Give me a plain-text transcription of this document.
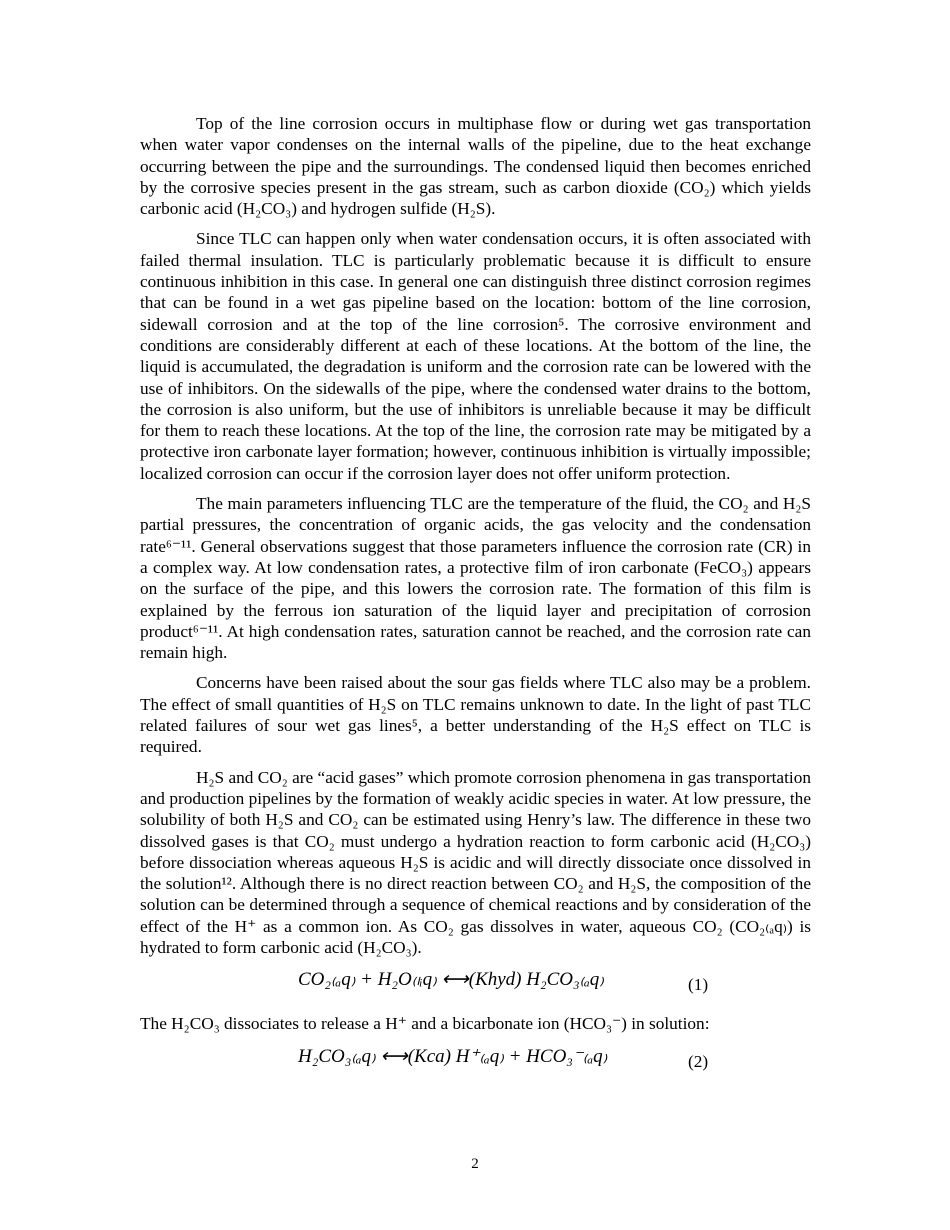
Top of the line corrosion occurs in multiphase flow or during wet gas transportation when water vapor condenses on the internal walls of the pipeline, due to the heat exchange occurring between the pipe and the surroundings. The condensed liquid then becomes enriched by the corrosive species present in the gas stream, such as carbon dioxide (CO₂) which yields carbonic acid (H₂CO₃) and hydrogen sulfide (H₂S).

Since TLC can happen only when water condensation occurs, it is often associated with failed thermal insulation. TLC is particularly problematic because it is difficult to ensure continuous inhibition in this case. In general one can distinguish three distinct corrosion regimes that can be found in a wet gas pipeline based on the location: bottom of the line corrosion, sidewall corrosion and at the top of the line corrosion⁵. The corrosive environment and conditions are considerably different at each of these locations. At the bottom of the line, the liquid is accumulated, the degradation is uniform and the corrosion rate can be lowered with the use of inhibitors. On the sidewalls of the pipe, where the condensed water drains to the bottom, the corrosion is also uniform, but the use of inhibitors is unreliable because it may be difficult for them to reach these locations. At the top of the line, the corrosion rate may be mitigated by a protective iron carbonate layer formation; however, continuous inhibition is virtually impossible; localized corrosion can occur if the corrosion layer does not offer uniform protection.

The main parameters influencing TLC are the temperature of the fluid, the CO₂ and H₂S partial pressures, the concentration of organic acids, the gas velocity and the condensation rate⁶⁻¹¹. General observations suggest that those parameters influence the corrosion rate (CR) in a complex way. At low condensation rates, a protective film of iron carbonate (FeCO₃) appears on the surface of the pipe, and this lowers the corrosion rate. The formation of this film is explained by the ferrous ion saturation of the liquid layer and precipitation of corrosion product⁶⁻¹¹. At high condensation rates, saturation cannot be reached, and the corrosion rate can remain high.

Concerns have been raised about the sour gas fields where TLC also may be a problem. The effect of small quantities of H₂S on TLC remains unknown to date. In the light of past TLC related failures of sour wet gas lines⁵, a better understanding of the H₂S effect on TLC is required.

H₂S and CO₂ are “acid gases” which promote corrosion phenomena in gas transportation and production pipelines by the formation of weakly acidic species in water. At low pressure, the solubility of both H₂S and CO₂ can be estimated using Henry’s law. The difference in these two dissolved gases is that CO₂ must undergo a hydration reaction to form carbonic acid (H₂CO₃) before dissociation whereas aqueous H₂S is acidic and will directly dissociate once dissolved in the solution¹². Although there is no direct reaction between CO₂ and H₂S, the composition of the solution can be determined through a sequence of chemical reactions and by consideration of the effect of the H⁺ as a common ion. As CO₂ gas dissolves in water, aqueous CO₂ (CO₂₍ₐq₎) is hydrated to form carbonic acid (H₂CO₃).

CO₂₍ₐq₎ + H₂O₍ₗᵢq₎ ⟷(Khyd) H₂CO₃₍ₐq₎	(1)

The H₂CO₃ dissociates to release a H⁺ and a bicarbonate ion (HCO₃⁻) in solution:

H₂CO₃₍ₐq₎ ⟷(Kca) H⁺₍ₐq₎ + HCO₃⁻₍ₐq₎	(2)
2
